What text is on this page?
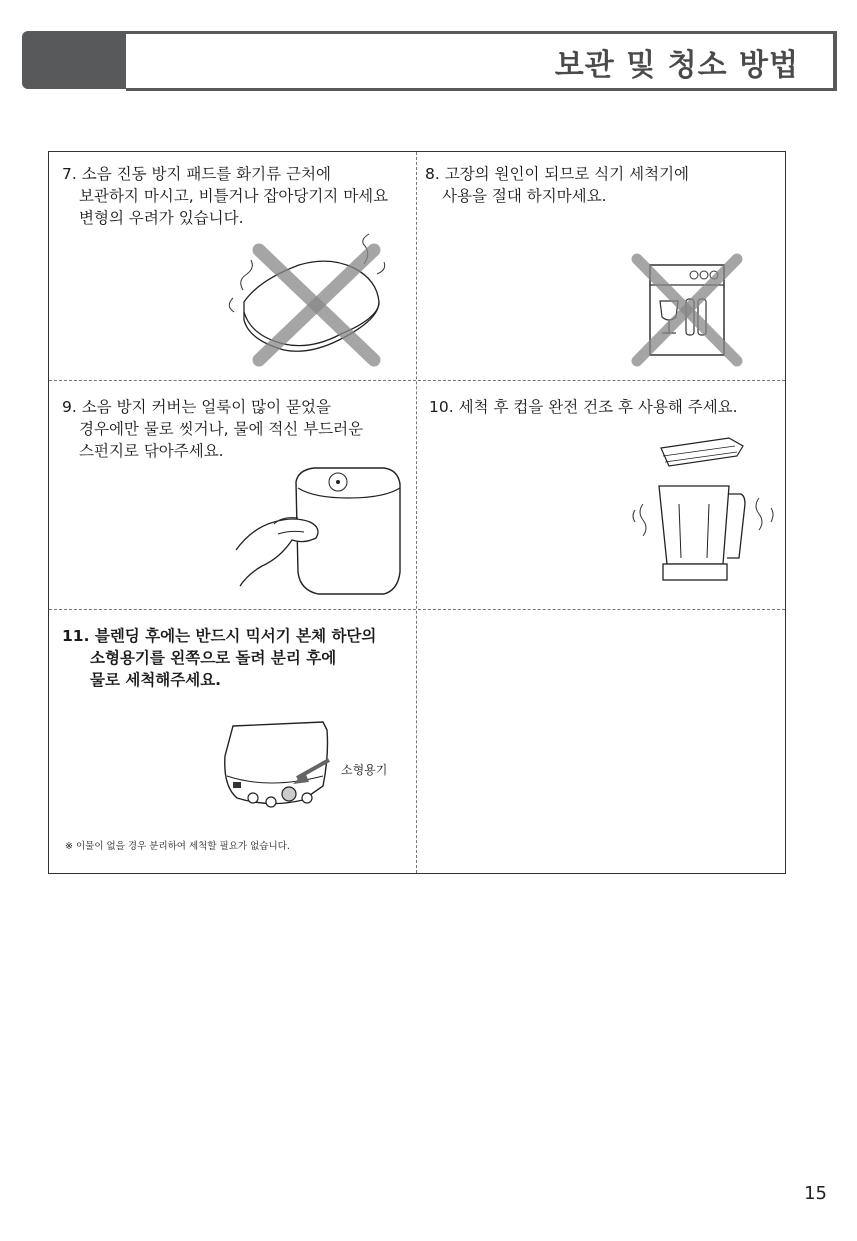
보관 및 청소 방법

7. 소음 진동 방지 패드를 화기류 근처에

보관하지 마시고, 비틀거나 잡아당기지 마세요

변형의 우려가 있습니다.

8. 고장의 원인이 되므로 식기 세척기에

사용을 절대 하지마세요.

9. 소음 방지 커버는 얼룩이 많이 묻었을

경우에만 물로 씻거나, 물에 적신 부드러운

스펀지로 닦아주세요.

10. 세척 후 컵을 완전 건조 후 사용해 주세요.

11. 블렌딩 후에는 반드시 믹서기 본체 하단의

소형용기를 왼쪽으로 돌려 분리 후에

물로 세척해주세요.

소형용기
※ 이물이 없을 경우 분리하여 세척할 필요가 없습니다.
15
